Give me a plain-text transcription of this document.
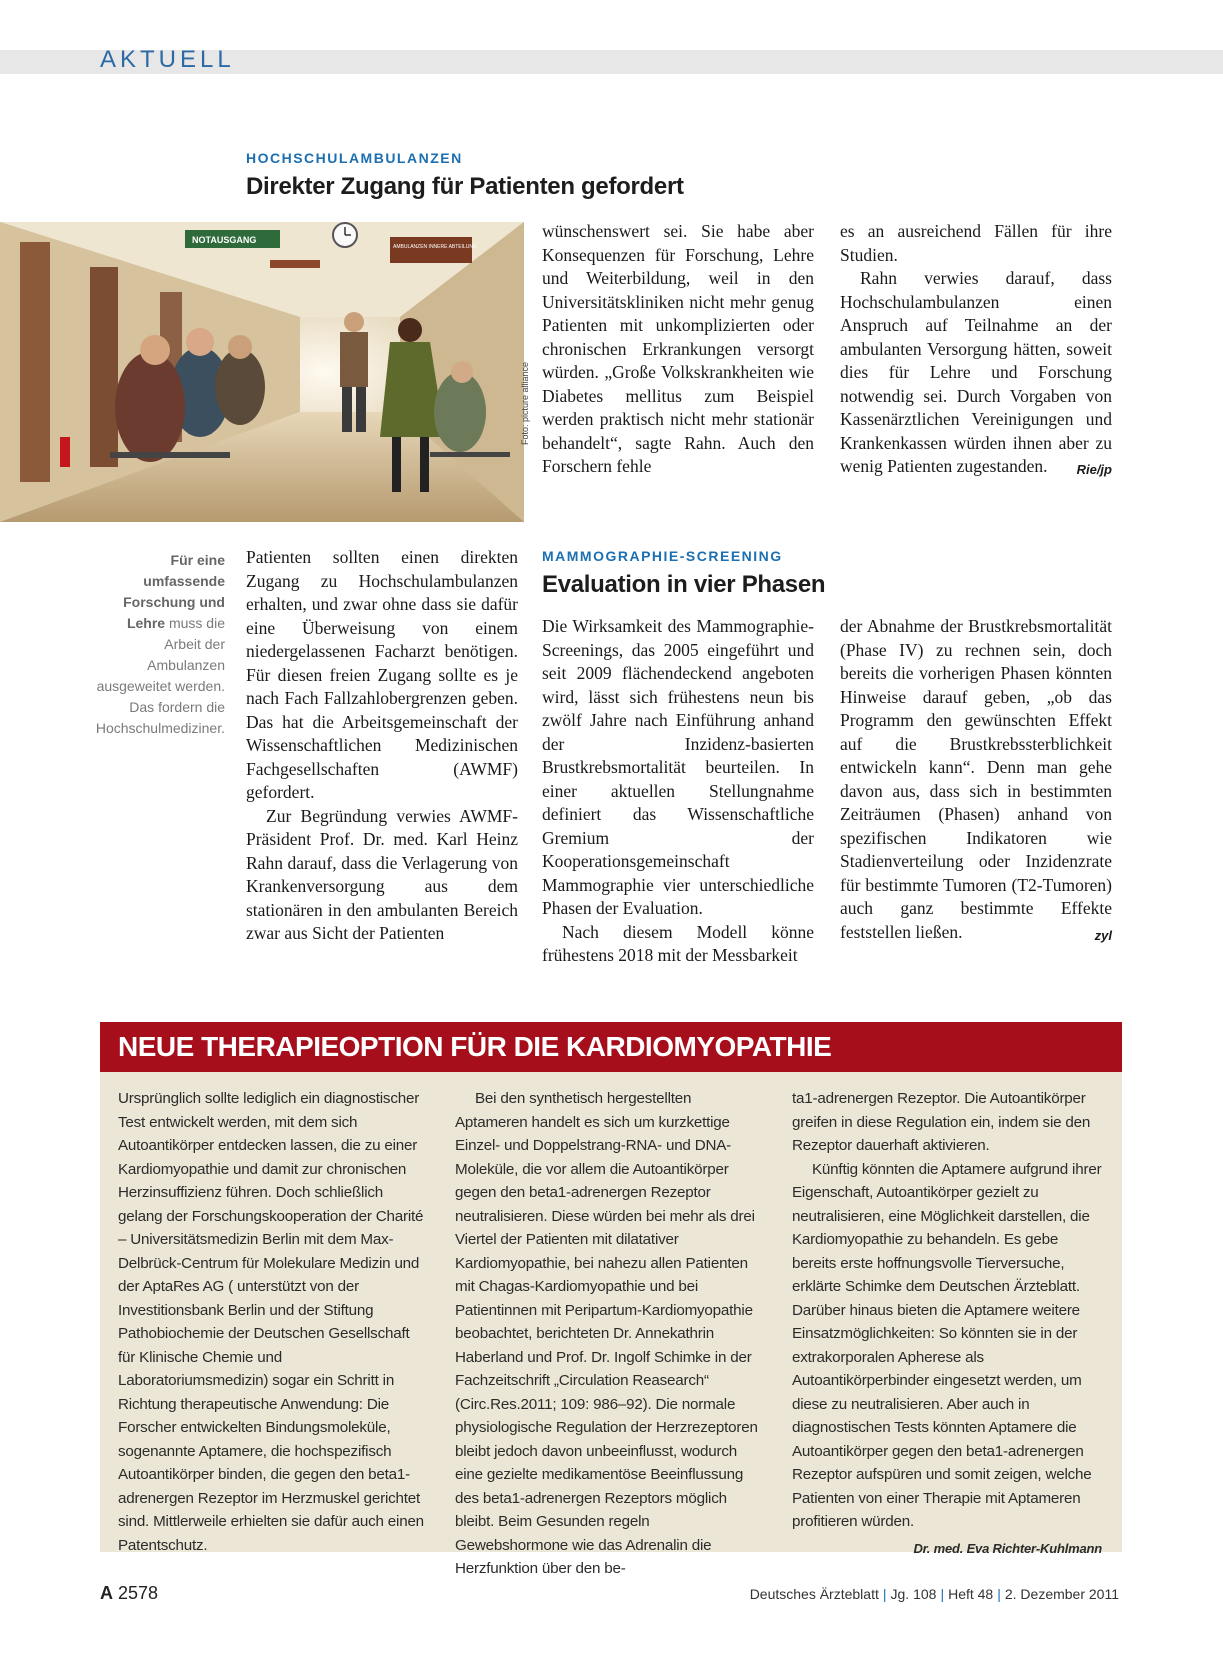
AKTUELL
HOCHSCHULAMBULANZEN
Direkter Zugang für Patienten gefordert
NOTAUSGANG
AMBULANZEN INNERE ABTEILUNG
Foto: picture alliance
Für eine umfassende Forschung und Lehre muss die Arbeit der Ambulanzen ausgeweitet werden. Das fordern die Hochschulmediziner.

Patienten sollten einen direkten Zugang zu Hochschulambulanzen erhalten, und zwar ohne dass sie dafür eine Überweisung von einem niedergelassenen Facharzt benötigen. Für diesen freien Zugang sollte es je nach Fach Fallzahlobergrenzen geben. Das hat die Arbeitsgemeinschaft der Wissenschaftlichen Medizinischen Fachgesellschaften (AWMF) gefordert.

Zur Begründung verwies AWMF-Präsident Prof. Dr. med. Karl Heinz Rahn darauf, dass die Verlagerung von Krankenversorgung aus dem stationären in den ambulanten Bereich zwar aus Sicht der Patienten

wünschenswert sei. Sie habe aber Konsequenzen für Forschung, Lehre und Weiterbildung, weil in den Universitätskliniken nicht mehr genug Patienten mit unkomplizierten oder chronischen Erkrankungen versorgt würden. „Große Volkskrankheiten wie Diabetes mellitus zum Beispiel werden praktisch nicht mehr stationär behandelt“, sagte Rahn. Auch den Forschern fehle

es an ausreichend Fällen für ihre Studien.

Rahn verwies darauf, dass Hochschulambulanzen einen Anspruch auf Teilnahme an der ambulanten Versorgung hätten, soweit dies für Lehre und Forschung notwendig sei. Durch Vorgaben von Kassenärztlichen Vereinigungen und Krankenkassen würden ihnen aber zu wenig Patienten zugestanden.	Rie/jp

MAMMOGRAPHIE-SCREENING
Evaluation in vier Phasen

Die Wirksamkeit des Mammographie-Screenings, das 2005 eingeführt und seit 2009 flächendeckend angeboten wird, lässt sich frühestens neun bis zwölf Jahre nach Einführung anhand der Inzidenz-basierten Brustkrebsmortalität beurteilen. In einer aktuellen Stellungnahme definiert das Wissenschaftliche Gremium der Kooperationsgemeinschaft Mammographie vier unterschiedliche Phasen der Evaluation.

Nach diesem Modell könne frühestens 2018 mit der Messbarkeit

der Abnahme der Brustkrebsmortalität (Phase IV) zu rechnen sein, doch bereits die vorherigen Phasen könnten Hinweise darauf geben, „ob das Programm den gewünschten Effekt auf die Brustkrebssterblichkeit entwickeln kann“. Denn man gehe davon aus, dass sich in bestimmten Zeiträumen (Phasen) anhand von spezifischen Indikatoren wie Stadienverteilung oder Inzidenzrate für bestimmte Tumoren (T2-Tumoren) auch ganz bestimmte Effekte feststellen ließen.	zyl

NEUE THERAPIEOPTION FÜR DIE KARDIOMYOPATHIE

Ursprünglich sollte lediglich ein diagnostischer Test entwickelt werden, mit dem sich Autoantikörper entdecken lassen, die zu einer Kardiomyopathie und damit zur chronischen Herzinsuffizienz führen. Doch schließlich gelang der Forschungskooperation der Charité – Universitätsmedizin Berlin mit dem Max-Delbrück-Centrum für Molekulare Medizin und der AptaRes AG ( unterstützt von der Investitionsbank Berlin und der Stiftung Pathobiochemie der Deutschen Gesellschaft für Klinische Chemie und Laboratoriumsmedizin) sogar ein Schritt in Richtung therapeutische Anwendung: Die Forscher entwickelten Bindungsmoleküle, sogenannte Aptamere, die hochspezifisch Autoantikörper binden, die gegen den beta1-adrenergen Rezeptor im Herzmuskel gerichtet sind. Mittlerweile erhielten sie dafür auch einen Patentschutz.

Bei den synthetisch hergestellten Aptameren handelt es sich um kurzkettige Einzel- und Doppelstrang-RNA- und DNA-Moleküle, die vor allem die Autoantikörper gegen den beta1-adrenergen Rezeptor neutralisieren. Diese würden bei mehr als drei Viertel der Patienten mit dilatativer Kardiomyopathie, bei nahezu allen Patienten mit Chagas-Kardiomyopathie und bei Patientinnen mit Peripartum-Kardiomyopathie beobachtet, berichteten Dr. Annekathrin Haberland und Prof. Dr. Ingolf Schimke in der Fachzeitschrift „Circulation Reasearch“ (Circ.Res.2011; 109: 986–92). Die normale physiologische Regulation der Herzrezeptoren bleibt jedoch davon unbeeinflusst, wodurch eine gezielte medikamentöse Beeinflussung des beta1-adrenergen Rezeptors möglich bleibt. Beim Gesunden regeln Gewebshormone wie das Adrenalin die Herzfunktion über den be-

ta1-adrenergen Rezeptor. Die Autoantikörper greifen in diese Regulation ein, indem sie den Rezeptor dauerhaft aktivieren.

Künftig könnten die Aptamere aufgrund ihrer Eigenschaft, Autoantikörper gezielt zu neutralisieren, eine Möglichkeit darstellen, die Kardiomyopathie zu behandeln. Es gebe bereits erste hoffnungsvolle Tierversuche, erklärte Schimke dem Deutschen Ärzteblatt. Darüber hinaus bieten die Aptamere weitere Einsatzmöglichkeiten: So könnten sie in der extrakorporalen Apherese als Autoantikörperbinder eingesetzt werden, um diese zu neutralisieren. Aber auch in diagnostischen Tests könnten Aptamere die Autoantikörper gegen den beta1-adrenergen Rezeptor aufspüren und somit zeigen, welche Patienten von einer Therapie mit Aptameren profitieren würden.
Dr. med. Eva Richter-Kuhlmann

A 2578	Deutsches Ärzteblatt | Jg. 108 | Heft 48 | 2. Dezember 2011
